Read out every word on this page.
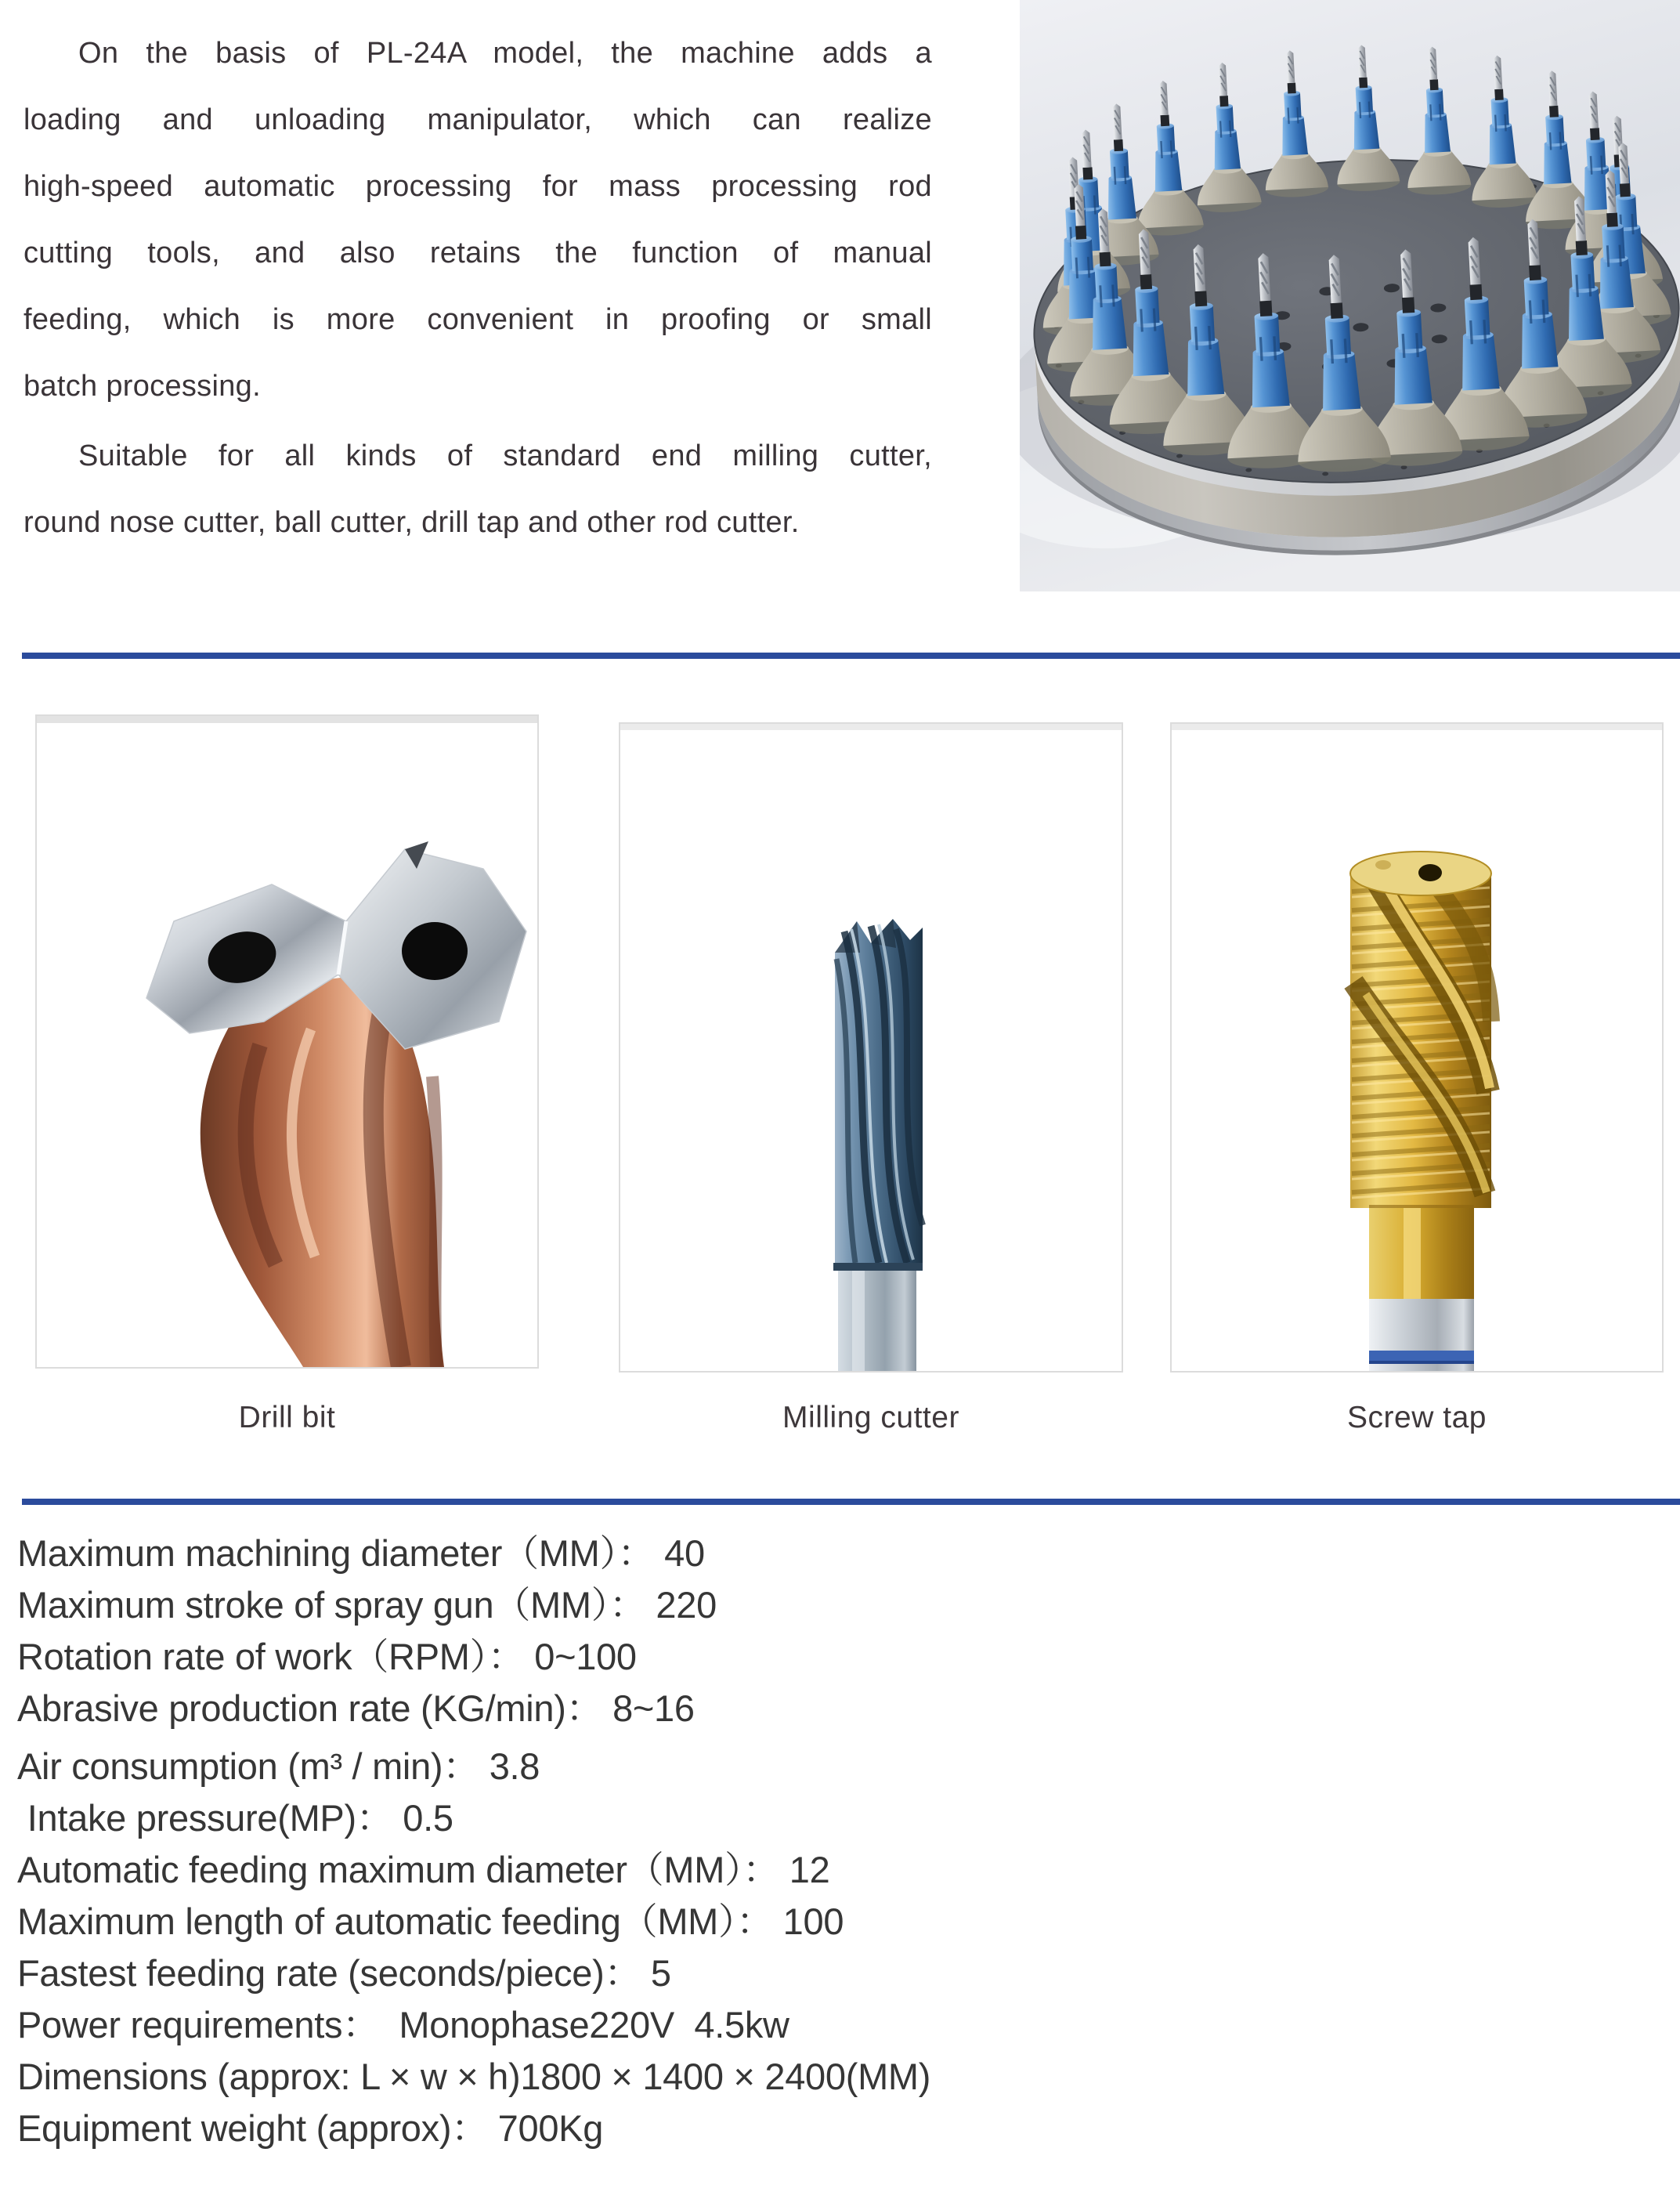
On the basis of PL-24A model, the machine adds a
loading and unloading manipulator, which can realize
high-speed automatic processing for mass processing rod
cutting tools, and also retains the function of manual
feeding, which is more convenient in proofing or small
batch processing.
Suitable for all kinds of standard end milling cutter,
round nose cutter, ball cutter, drill tap and other rod cutter.
Drill bit	Milling cutter	Screw tap
Maximum machining diameter（MM）： 40
Maximum stroke of spray gun（MM）： 220
Rotation rate of work（RPM）： 0~100
Abrasive production rate (KG/min)： 8~16
Air consumption (m³ / min)： 3.8
Intake pressure(MP)： 0.5
Automatic feeding maximum diameter（MM）： 12
Maximum length of automatic feeding（MM）： 100
Fastest feeding rate (seconds/piece)： 5
Power requirements：  Monophase220V  4.5kw
Dimensions (approx: L × w × h)1800 × 1400 × 2400(MM)
Equipment weight (approx)： 700Kg
